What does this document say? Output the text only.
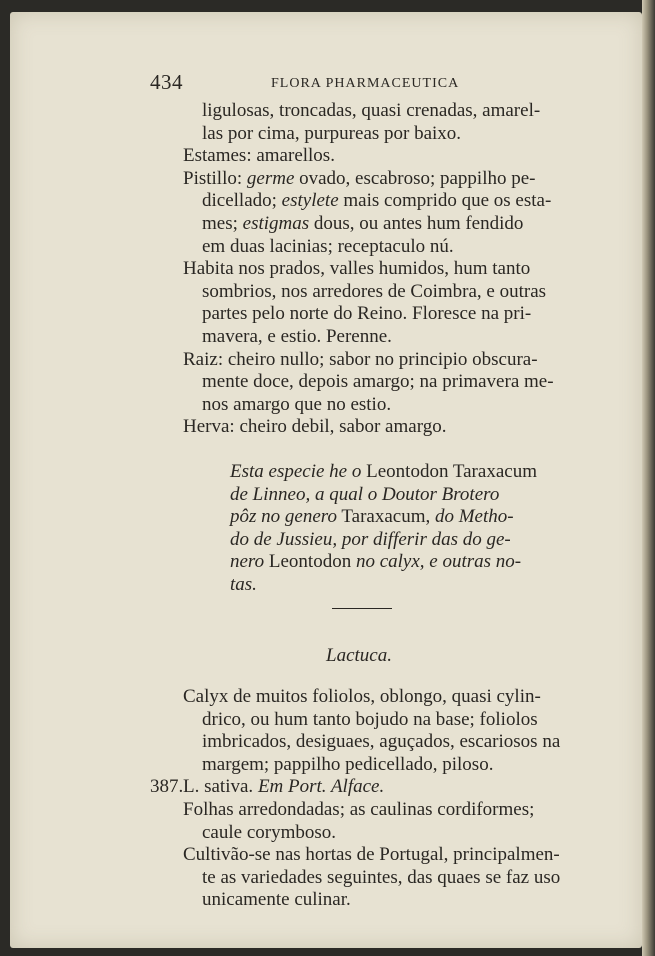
434	FLORA PHARMACEUTICA
ligulosas, troncadas, quasi crenadas, amarel-
las por cima, purpureas por baixo.
Estames: amarellos.
Pistillo: germe ovado, escabroso; pappilho pe-
dicellado; estylete mais comprido que os esta-
mes; estigmas dous, ou antes hum fendido
em duas lacinias; receptaculo nú.
Habita nos prados, valles humidos, hum tanto
sombrios, nos arredores de Coimbra, e outras
partes pelo norte do Reino. Floresce na pri-
mavera, e estio. Perenne.
Raiz: cheiro nullo; sabor no principio obscura-
mente doce, depois amargo; na primavera me-
nos amargo que no estio.
Herva: cheiro debil, sabor amargo.
Esta especie he o Leontodon Taraxacum
de Linneo, a qual o Doutor Brotero
pôz no genero Taraxacum, do Metho-
do de Jussieu, por differir das do ge-
nero Leontodon no calyx, e outras no-
tas.
Lactuca.
Calyx de muitos foliolos, oblongo, quasi cylin-
drico, ou hum tanto bojudo na base; foliolos
imbricados, desiguaes, aguçados, escariosos na
margem; pappilho pedicellado, piloso.
387.L. sativa. Em Port. Alface.
Folhas arredondadas; as caulinas cordiformes;
caule corymboso.
Cultivão-se nas hortas de Portugal, principalmen-
te as variedades seguintes, das quaes se faz uso
unicamente culinar.
